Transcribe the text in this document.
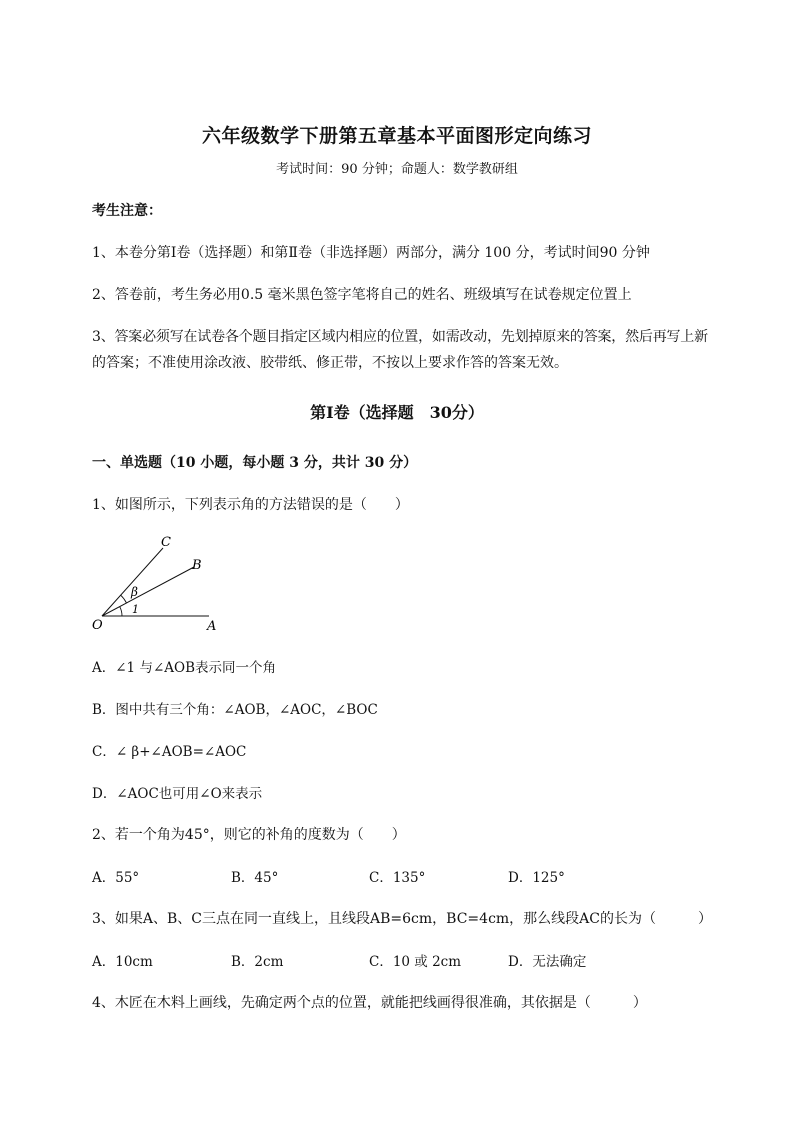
六年级数学下册第五章基本平面图形定向练习
考试时间：90 分钟；命题人：数学教研组
考生注意：
1、本卷分第Ⅰ卷（选择题）和第Ⅱ卷（非选择题）两部分，满分 100 分，考试时间90 分钟
2、答卷前，考生务必用0.5 毫米黑色签字笔将自己的姓名、班级填写在试卷规定位置上
3、答案必须写在试卷各个题目指定区域内相应的位置，如需改动，先划掉原来的答案，然后再写上新
的答案；不准使用涂改液、胶带纸、修正带，不按以上要求作答的答案无效。
第Ⅰ卷（选择题　30分）
一、单选题（10 小题，每小题 3 分，共计 30 分）
1、如图所示，下列表示角的方法错误的是（　　）
C
B
β
1
O	A
A．∠1 与∠AOB表示同一个角
B．图中共有三个角：∠AOB，∠AOC，∠BOC
C．∠ β+∠AOB=∠AOC
D．∠AOC也可用∠O来表示
2、若一个角为45°，则它的补角的度数为（　　）
A．55°	B．45°	C．135°	D．125°
3、如果A、B、C三点在同一直线上，且线段AB=6cm，BC=4cm，那么线段AC的长为（　　　）
A．10cm	B．2cm	C．10 或 2cm	D．无法确定
4、木匠在木料上画线，先确定两个点的位置，就能把线画得很准确，其依据是（　　　）
